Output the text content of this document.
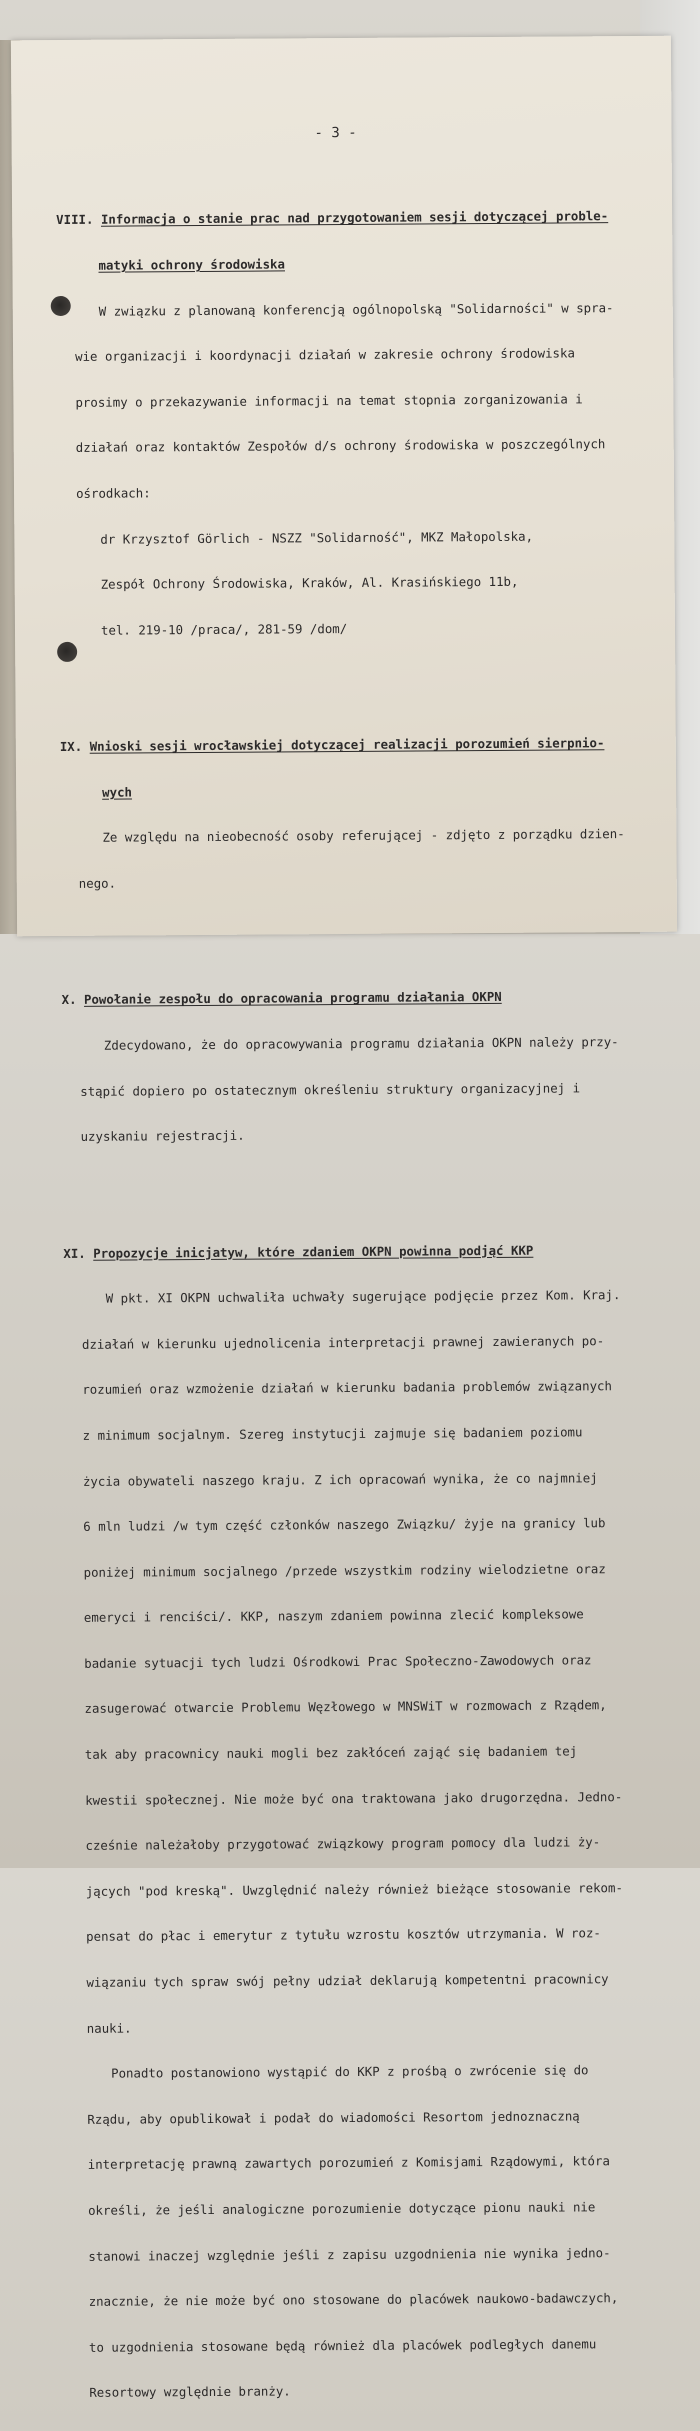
- 3 -

VIII. Informacja o stanie prac nad przygotowaniem sesji dotyczącej proble-

matyki ochrony środowiska

W związku z planowaną konferencją ogólnopolską "Solidarności" w spra-

wie organizacji i koordynacji działań w zakresie ochrony środowiska

prosimy o przekazywanie informacji na temat stopnia zorganizowania i

działań oraz kontaktów Zespołów d/s ochrony środowiska w poszczególnych

ośrodkach:

dr Krzysztof Görlich - NSZZ "Solidarność", MKZ Małopolska,

Zespół Ochrony Środowiska, Kraków, Al. Krasińskiego 11b,

tel. 219-10 /praca/, 281-59 /dom/

IX. Wnioski sesji wrocławskiej dotyczącej realizacji porozumień sierpnio-

wych

Ze względu na nieobecność osoby referującej - zdjęto z porządku dzien-

nego.

X. Powołanie zespołu do opracowania programu działania OKPN

Zdecydowano, że do opracowywania programu działania OKPN należy przy-

stąpić dopiero po ostatecznym określeniu struktury organizacyjnej i

uzyskaniu rejestracji.

XI. Propozycje inicjatyw, które zdaniem OKPN powinna podjąć KKP

W pkt. XI OKPN uchwaliła uchwały sugerujące podjęcie przez Kom. Kraj.

działań w kierunku ujednolicenia interpretacji prawnej zawieranych po-

rozumień oraz wzmożenie działań w kierunku badania problemów związanych

z minimum socjalnym. Szereg instytucji zajmuje się badaniem poziomu

życia obywateli naszego kraju. Z ich opracowań wynika, że co najmniej

6 mln ludzi /w tym część członków naszego Związku/ żyje na granicy lub

poniżej minimum socjalnego /przede wszystkim rodziny wielodzietne oraz

emeryci i renciści/. KKP, naszym zdaniem powinna zlecić kompleksowe

badanie sytuacji tych ludzi Ośrodkowi Prac Społeczno-Zawodowych oraz

zasugerować otwarcie Problemu Węzłowego w MNSWiT w rozmowach z Rządem,

tak aby pracownicy nauki mogli bez zakłóceń zająć się badaniem tej

kwestii społecznej. Nie może być ona traktowana jako drugorzędna. Jedno-

cześnie należałoby przygotować związkowy program pomocy dla ludzi ży-

jących "pod kreską". Uwzględnić należy również bieżące stosowanie rekom-

pensat do płac i emerytur z tytułu wzrostu kosztów utrzymania. W roz-

wiązaniu tych spraw swój pełny udział deklarują kompetentni pracownicy

nauki.

Ponadto postanowiono wystąpić do KKP z prośbą o zwrócenie się do

Rządu, aby opublikował i podał do wiadomości Resortom jednoznaczną

interpretację prawną zawartych porozumień z Komisjami Rządowymi, która

określi, że jeśli analogiczne porozumienie dotyczące pionu nauki nie

stanowi inaczej względnie jeśli z zapisu uzgodnienia nie wynika jedno-

znacznie, że nie może być ono stosowane do placówek naukowo-badawczych,

to uzgodnienia stosowane będą również dla placówek podległych danemu

Resortowy względnie branży.
